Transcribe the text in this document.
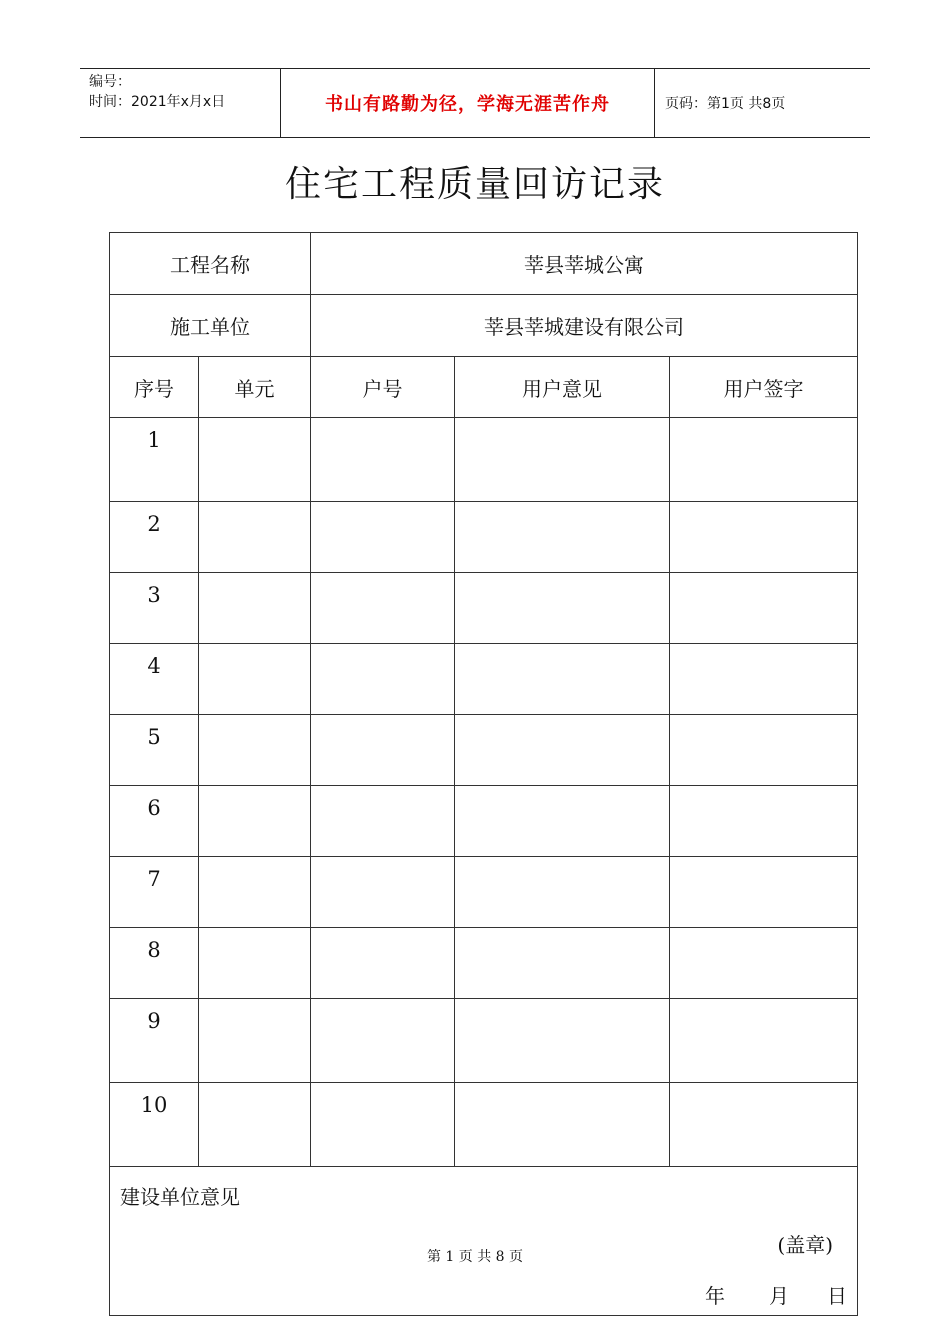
编号：
时间：2021年x月x日	书山有路勤为径，学海无涯苦作舟	页码：第1页 共8页
住宅工程质量回访记录
工程名称		莘县莘城公寓		
施工单位		莘县莘城建设有限公司		
序号	单元	户号	用户意见	用户签字
1				
2				
3				
4				
5				
6				
7				
8				
9				
10				

建设单位意见
(盖章)
年 月 日				
第 1 页 共 8 页
